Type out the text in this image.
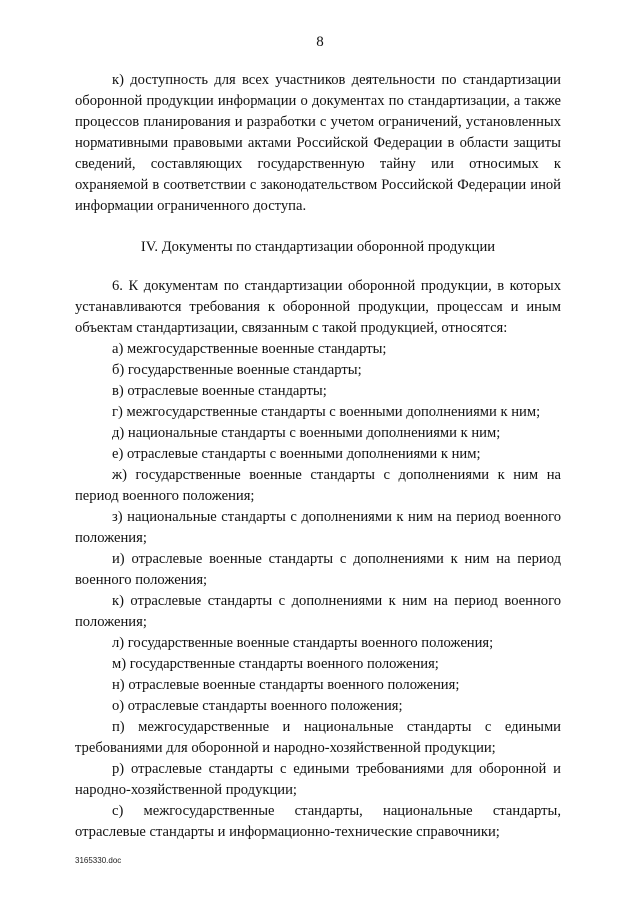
8

к) доступность для всех участников деятельности по стандартизации оборонной продукции информации о документах по стандартизации, а также процессов планирования и разработки с учетом ограничений, установленных нормативными правовыми актами Российской Федерации в области защиты сведений, составляющих государственную тайну или относимых к охраняемой в соответствии с законодательством Российской Федерации иной информации ограниченного доступа.

IV. Документы по стандартизации оборонной продукции

6. К документам по стандартизации оборонной продукции, в которых устанавливаются требования к оборонной продукции, процессам и иным объектам стандартизации, связанным с такой продукцией, относятся:

а) межгосударственные военные стандарты;

б) государственные военные стандарты;

в) отраслевые военные стандарты;

г) межгосударственные стандарты с военными дополнениями к ним;

д) национальные стандарты с военными дополнениями к ним;

е) отраслевые стандарты с военными дополнениями к ним;

ж) государственные военные стандарты с дополнениями к ним на период военного положения;

з) национальные стандарты с дополнениями к ним на период военного положения;

и) отраслевые военные стандарты с дополнениями к ним на период военного положения;

к) отраслевые стандарты с дополнениями к ним на период военного положения;

л) государственные военные стандарты военного положения;

м) государственные стандарты военного положения;

н) отраслевые военные стандарты военного положения;

о) отраслевые стандарты военного положения;

п) межгосударственные и национальные стандарты с едиными требованиями для оборонной и народно-хозяйственной продукции;

р) отраслевые стандарты с едиными требованиями для оборонной и народно-хозяйственной продукции;

с) межгосударственные стандарты, национальные стандарты, отраслевые стандарты и информационно-технические справочники;

3165330.doc
